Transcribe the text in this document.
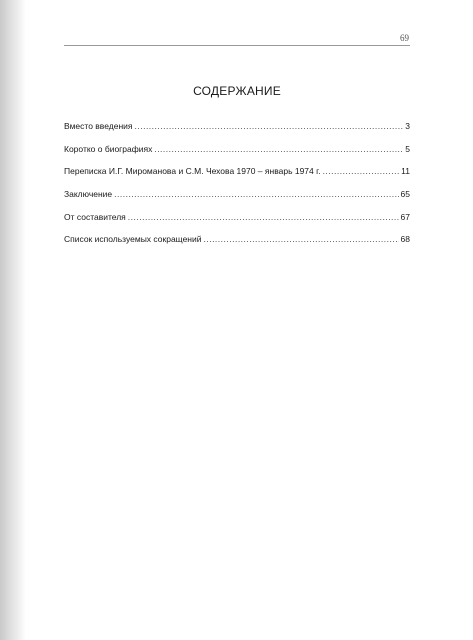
69
СОДЕРЖАНИЕ
Вместо введения .....	3
Коротко о биографиях .....	5
Переписка И.Г. Миромановa и С.М. Чехова 1970 – январь 1974 г. .....	11
Заключение .....	65
От составителя .....	67
Список используемых сокращений .....	68
